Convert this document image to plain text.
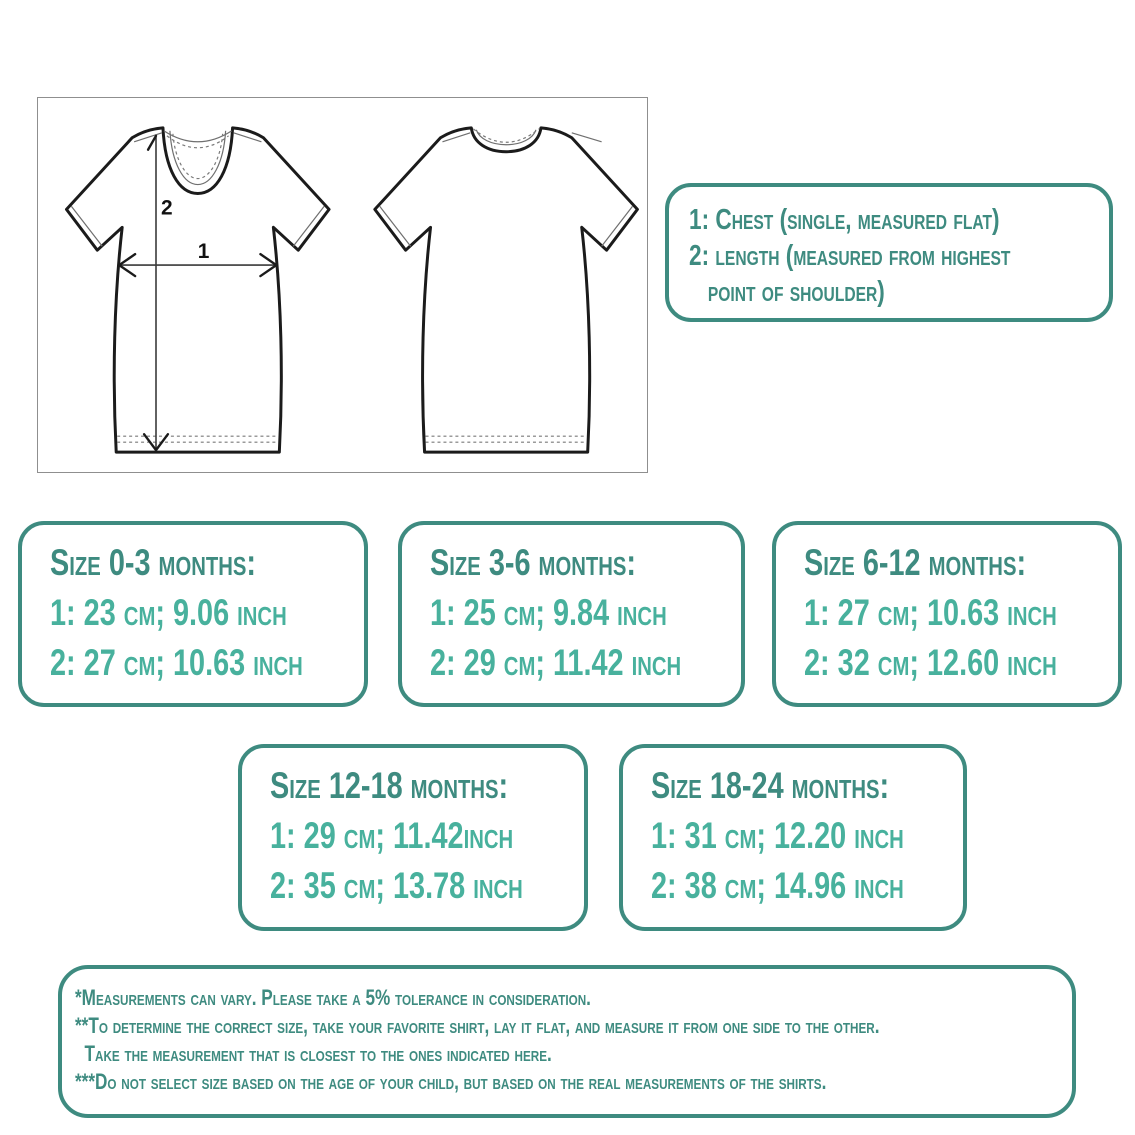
2
1
1: Chest (single, measured flat)
2: length (measured from highest
point of shoulder)
Size 0-3 months:
1: 23 cm; 9.06 inch
2: 27 cm; 10.63 inch
Size 3-6 months:
1: 25 cm; 9.84 inch
2: 29 cm; 11.42 inch
Size 6-12 months:
1: 27 cm; 10.63 inch
2: 32 cm; 12.60 inch
Size 12-18 months:
1: 29 cm; 11.42inch
2: 35 cm; 13.78 inch
Size 18-24 months:
1: 31 cm; 12.20 inch
2: 38 cm; 14.96 inch
*Measurements can vary. Please take a 5% tolerance in consideration.
**To determine the correct size, take your favorite shirt, lay it flat, and measure it from one side to the other.
Take the measurement that is closest to the ones indicated here.
***Do not select size based on the age of your child, but based on the real measurements of the shirts.
